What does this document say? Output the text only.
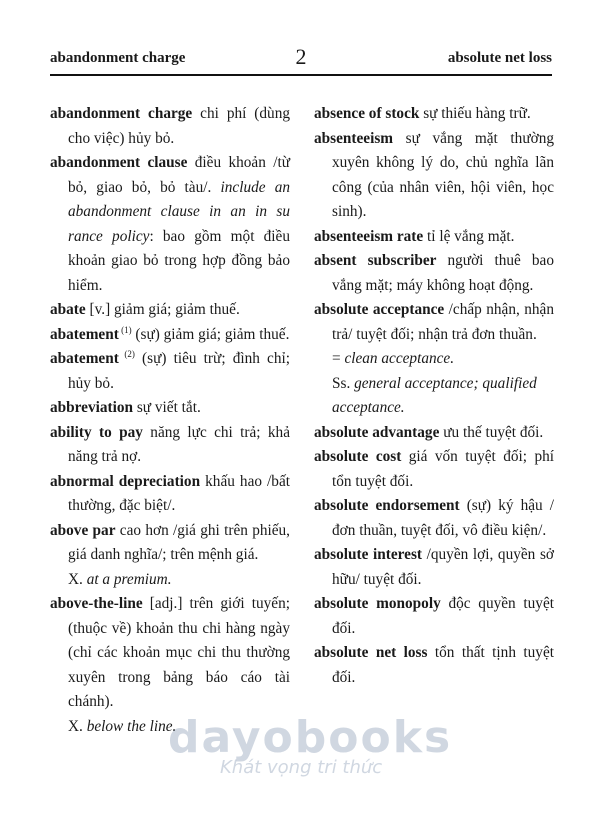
abandonment charge	2	absolute net loss

abandonment charge chi phí (dùng cho việc) hủy bỏ.

abandonment clause điều khoản /từ bỏ, giao bỏ, bỏ tàu/. include an abandonment clause in an in su rance policy: bao gồm một điều khoản giao bỏ trong hợp đồng bảo hiểm.

abate [v.] giảm giá; giảm thuế.

abatement $^{(1)}$ (sự) giảm giá; giảm thuế.

abatement $^{(2)}$ (sự) tiêu trừ; đình chỉ; hủy bỏ.

abbreviation sự viết tắt.

ability to pay năng lực chi trả; khả năng trả nợ.

abnormal depreciation khấu hao /bất thường, đặc biệt/.

above par cao hơn /giá ghi trên phiếu, giá danh nghĩa/; trên mệnh giá.

X. at a premium.

above-the-line [adj.] trên giới tuyến; (thuộc về) khoản thu chi hàng ngày (chỉ các khoản mục chi thu thường xuyên trong bảng báo cáo tài chánh).

X. below the line.

absence of stock sự thiếu hàng trữ.

absenteeism sự vắng mặt thường xuyên không lý do, chủ nghĩa lãn công (của nhân viên, hội viên, học sinh).

absenteeism rate tỉ lệ vắng mặt.

absent subscriber người thuê bao vắng mặt; máy không hoạt động.

absolute acceptance /chấp nhận, nhận trả/ tuyệt đối; nhận trả đơn thuần.

= clean acceptance.

Ss. general acceptance; qualified acceptance.

absolute advantage ưu thế tuyệt đối.

absolute cost giá vốn tuyệt đối; phí tổn tuyệt đối.

absolute endorsement (sự) ký hậu /đơn thuần, tuyệt đối, vô điều kiện/.

absolute interest /quyền lợi, quyền sở hữu/ tuyệt đối.

absolute monopoly độc quyền tuyệt đối.

absolute net loss tổn thất tịnh tuyệt đối.

dayobooks
Khát vọng tri thức
